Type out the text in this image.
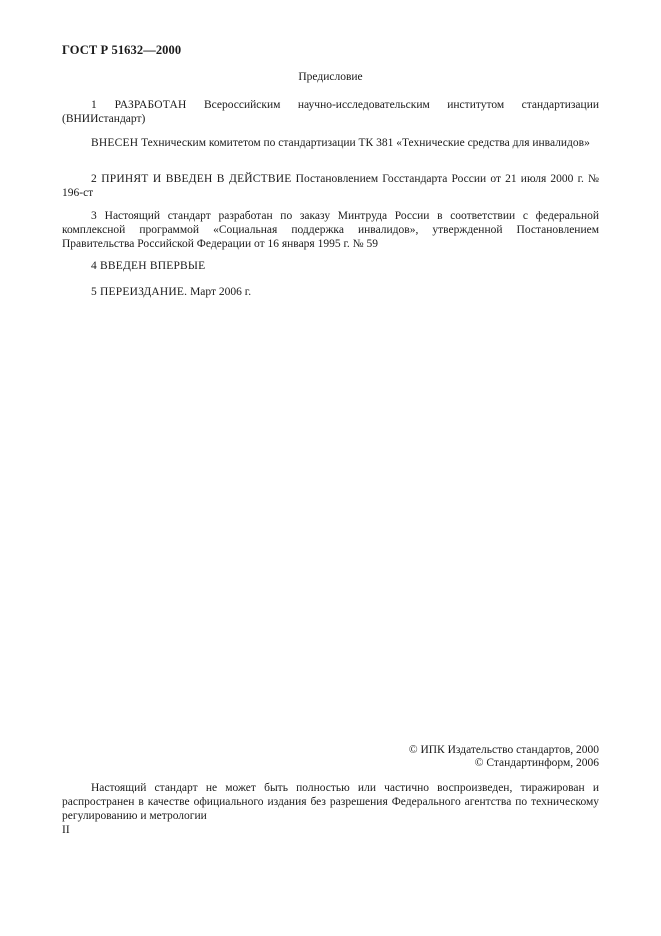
ГОСТ Р 51632—2000
Предисловие
1 РАЗРАБОТАН Всероссийским научно-исследовательским институтом стандартизации (ВНИИстандарт)
ВНЕСЕН Техническим комитетом по стандартизации ТК 381 «Технические средства для инвалидов»
2 ПРИНЯТ И ВВЕДЕН В ДЕЙСТВИЕ Постановлением Госстандарта России от 21 июля 2000 г. № 196-ст
3 Настоящий стандарт разработан по заказу Минтруда России в соответствии с федеральной комплексной программой «Социальная поддержка инвалидов», утвержденной Постановлением Правительства Российской Федерации от 16 января 1995 г. № 59
4 ВВЕДЕН ВПЕРВЫЕ
5 ПЕРЕИЗДАНИЕ. Март 2006 г.
© ИПК Издательство стандартов, 2000
© Стандартинформ, 2006
Настоящий стандарт не может быть полностью или частично воспроизведен, тиражирован и распространен в качестве официального издания без разрешения Федерального агентства по техническому регулированию и метрологии
II
